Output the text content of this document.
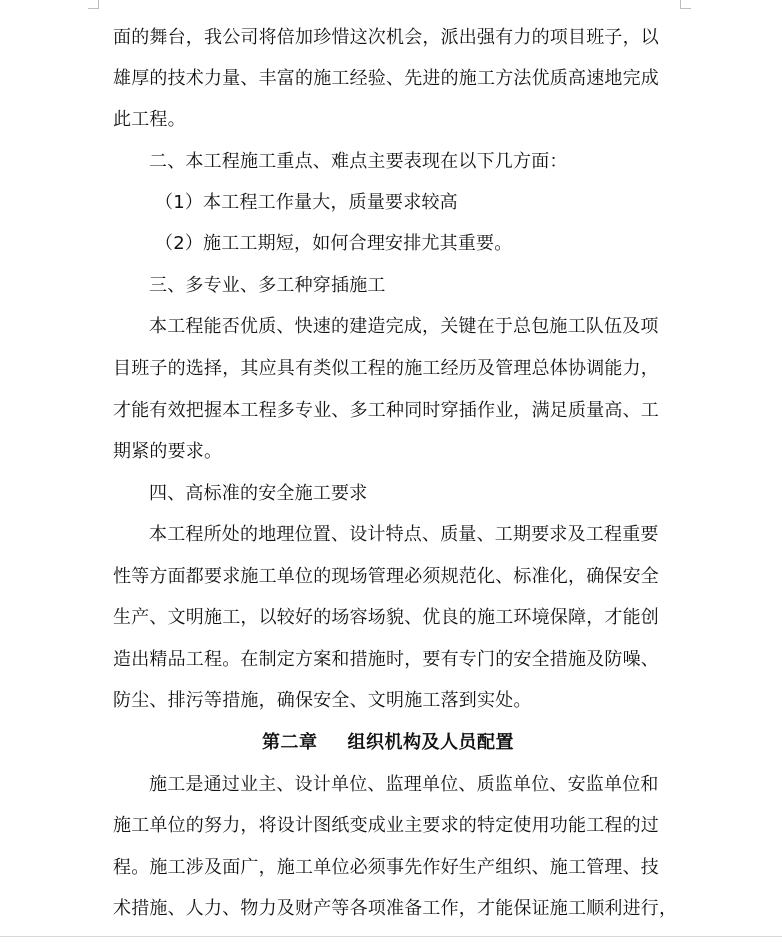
面的舞台，我公司将倍加珍惜这次机会，派出强有力的项目班子，以
雄厚的技术力量、丰富的施工经验、先进的施工方法优质高速地完成
此工程。
二、本工程施工重点、难点主要表现在以下几方面：
（1）本工程工作量大，质量要求较高
（2）施工工期短，如何合理安排尤其重要。
三、多专业、多工种穿插施工
本工程能否优质、快速的建造完成，关键在于总包施工队伍及项
目班子的选择，其应具有类似工程的施工经历及管理总体协调能力，
才能有效把握本工程多专业、多工种同时穿插作业，满足质量高、工
期紧的要求。
四、高标准的安全施工要求
本工程所处的地理位置、设计特点、质量、工期要求及工程重要
性等方面都要求施工单位的现场管理必须规范化、标准化，确保安全
生产、文明施工，以较好的场容场貌、优良的施工环境保障，才能创
造出精品工程。在制定方案和措施时，要有专门的安全措施及防噪、
防尘、排污等措施，确保安全、文明施工落到实处。
第二章 组织机构及人员配置
施工是通过业主、设计单位、监理单位、质监单位、安监单位和
施工单位的努力，将设计图纸变成业主要求的特定使用功能工程的过
程。施工涉及面广，施工单位必须事先作好生产组织、施工管理、技
术措施、人力、物力及财产等各项准备工作，才能保证施工顺利进行，
